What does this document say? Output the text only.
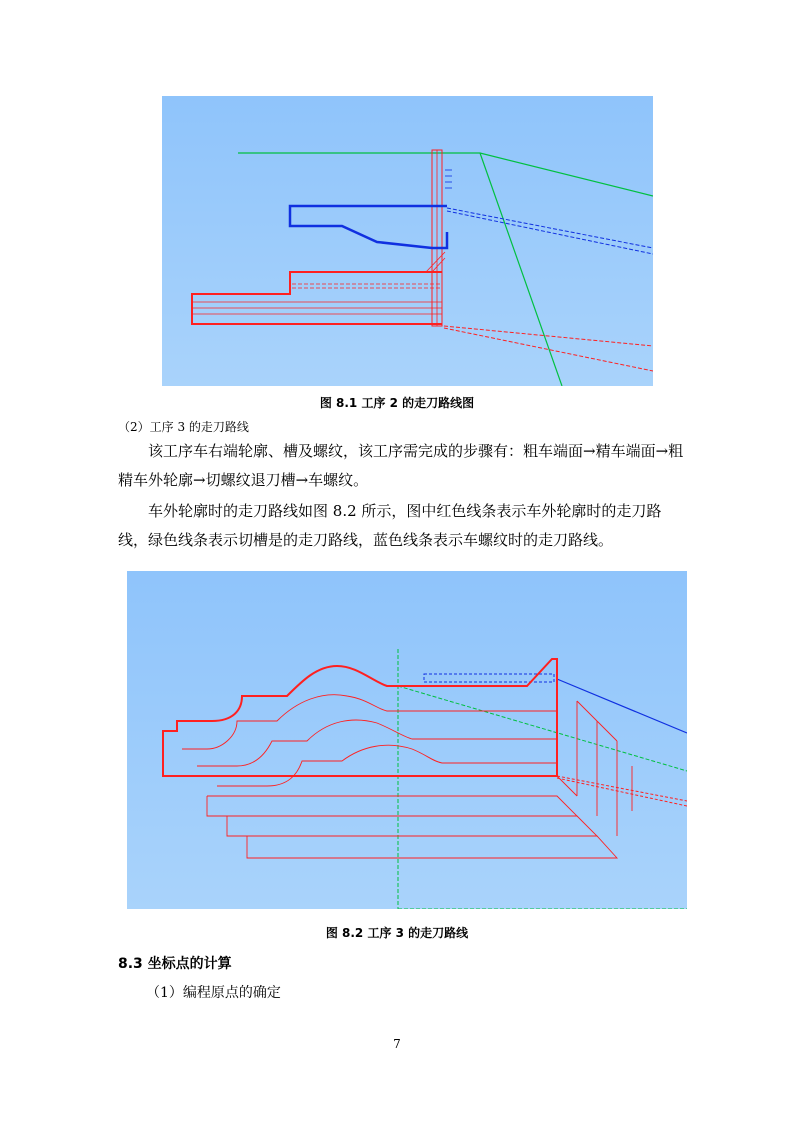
图 8.1 工序 2 的走刀路线图
（2）工序 3 的走刀路线

该工序车右端轮廓、槽及螺纹，该工序需完成的步骤有：粗车端面→精车端面→粗精车外轮廓→切螺纹退刀槽→车螺纹。

车外轮廓时的走刀路线如图 8.2 所示，图中红色线条表示车外轮廓时的走刀路线，绿色线条表示切槽是的走刀路线，蓝色线条表示车螺纹时的走刀路线。

图 8.2 工序 3 的走刀路线
8.3 坐标点的计算
（1）编程原点的确定
7
